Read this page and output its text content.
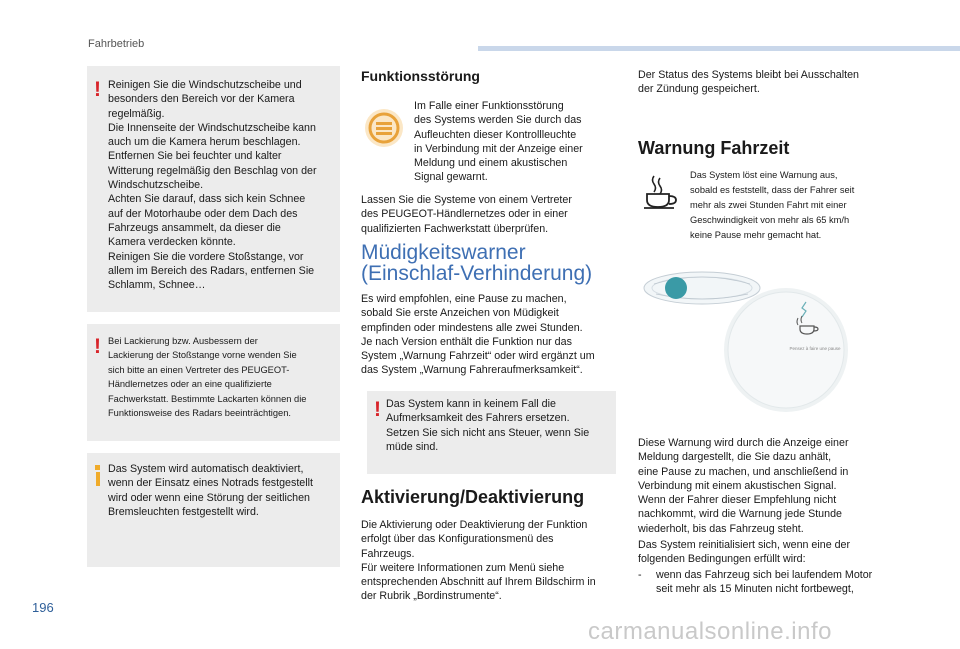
Fahrbetrieb
! Reinigen Sie die Windschutzscheibe und

besonders den Bereich vor der Kamera

regelmäßig.

Die Innenseite der Windschutzscheibe kann

auch um die Kamera herum beschlagen.

Entfernen Sie bei feuchter und kalter

Witterung regelmäßig den Beschlag von der

Windschutzscheibe.

Achten Sie darauf, dass sich kein Schnee

auf der Motorhaube oder dem Dach des

Fahrzeugs ansammelt, da dieser die

Kamera verdecken könnte.

Reinigen Sie die vordere Stoßstange, vor

allem im Bereich des Radars, entfernen Sie

Schlamm, Schnee…

! Bei Lackierung bzw. Ausbessern der

Lackierung der Stoßstange vorne wenden Sie

sich bitte an einen Vertreter des PEUGEOT-

Händlernetzes oder an eine qualifizierte

Fachwerkstatt. Bestimmte Lackarten können die

Funktionsweise des Radars beeinträchtigen.

Das System wird automatisch deaktiviert,

wenn der Einsatz eines Notrads festgestellt

wird oder wenn eine Störung der seitlichen

Bremsleuchten festgestellt wird.

Funktionsstörung

Im Falle einer Funktionsstörung

des Systems werden Sie durch das

Aufleuchten dieser Kontrollleuchte

in Verbindung mit der Anzeige einer

Meldung und einem akustischen

Signal gewarnt.

Lassen Sie die Systeme von einem Vertreter

des PEUGEOT-Händlernetzes oder in einer

qualifizierten Fachwerkstatt überprüfen.

Müdigkeitswarner
(Einschlaf-Verhinderung)

Es wird empfohlen, eine Pause zu machen,

sobald Sie erste Anzeichen von Müdigkeit

empfinden oder mindestens alle zwei Stunden.

Je nach Version enthält die Funktion nur das

System „Warnung Fahrzeit“ oder wird ergänzt um

das System „Warnung Fahreraufmerksamkeit“.

! Das System kann in keinem Fall die

Aufmerksamkeit des Fahrers ersetzen.

Setzen Sie sich nicht ans Steuer, wenn Sie

müde sind.

Aktivierung/Deaktivierung

Die Aktivierung oder Deaktivierung der Funktion

erfolgt über das Konfigurationsmenü des

Fahrzeugs.

Für weitere Informationen zum Menü siehe

entsprechenden Abschnitt auf Ihrem Bildschirm in

der Rubrik „Bordinstrumente“.

Der Status des Systems bleibt bei Ausschalten

der Zündung gespeichert.

Warnung Fahrzeit

Das System löst eine Warnung aus,

sobald es feststellt, dass der Fahrer seit

mehr als zwei Stunden Fahrt mit einer

Geschwindigkeit von mehr als 65 km/h

keine Pause mehr gemacht hat.

Pensez à faire une pause

Diese Warnung wird durch die Anzeige einer

Meldung dargestellt, die Sie dazu anhält,

eine Pause zu machen, und anschließend in

Verbindung mit einem akustischen Signal.

Wenn der Fahrer dieser Empfehlung nicht

nachkommt, wird die Warnung jede Stunde

wiederholt, bis das Fahrzeug steht.

Das System reinitialisiert sich, wenn eine der

folgenden Bedingungen erfüllt wird:

-	wenn das Fahrzeug sich bei laufendem Motor

seit mehr als 15 Minuten nicht fortbewegt,

196
carmanualsonline.info
